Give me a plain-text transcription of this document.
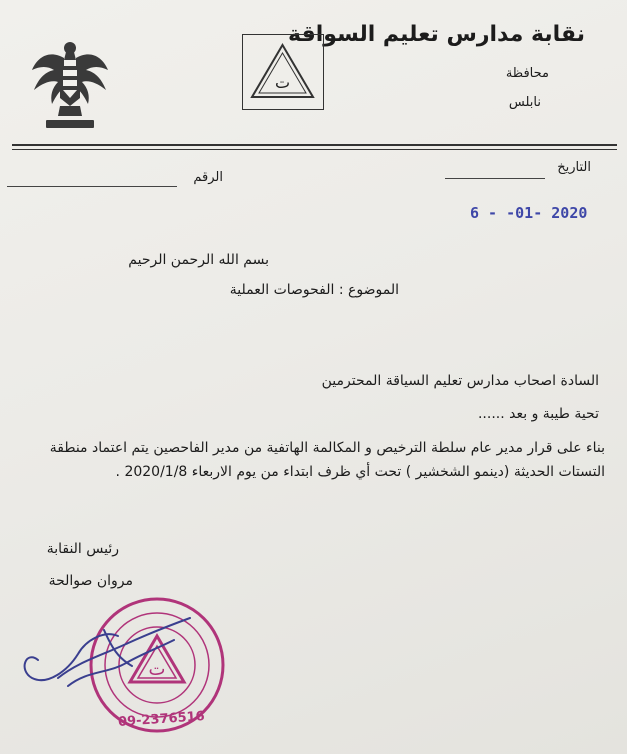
نقابة مدارس تعليم السواقة
محافظة
نابلس
ت
التاريخ
الرقم
6 - -01- 2020
بسم الله الرحمن الرحيم
الموضوع : الفحوصات العملية
السادة اصحاب مدارس تعليم السياقة المحترمين
تحية طيبة و بعد ......
بناء على قرار مدير عام سلطة الترخيص و المكالمة الهاتفية من مدير الفاحصين يتم اعتماد منطقة
التستات الحديثة (دينمو الشخشير ) تحت أي ظرف ابتداء من يوم الاربعاء 2020/1/8 .
رئيس النقابة
مروان صوالحة
ت
09-2376516
